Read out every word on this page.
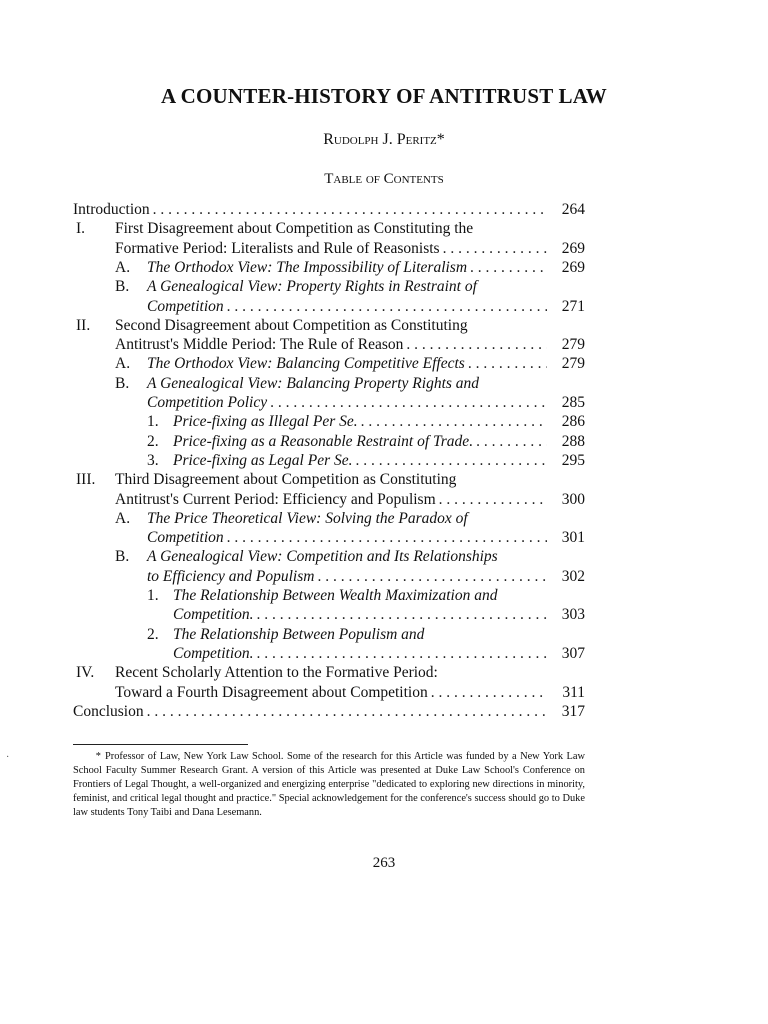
A COUNTER-HISTORY OF ANTITRUST LAW
Rudolph J. Peritz*
Table of Contents
Introduction . . .	264
I.	First Disagreement about Competition as Constituting the
Formative Period: Literalists and Rule of Reasonists . . .	269
A.	The Orthodox View: The Impossibility of Literalism . . .	269
B.	A Genealogical View: Property Rights in Restraint of
Competition . . .	271
II.	Second Disagreement about Competition as Constituting
Antitrust's Middle Period: The Rule of Reason . . .	279
A.	The Orthodox View: Balancing Competitive Effects . . .	279
B.	A Genealogical View: Balancing Property Rights and
Competition Policy . . .	285
1. Price-fixing as Illegal Per Se. . . .	286
2. Price-fixing as a Reasonable Restraint of Trade. . . .	288
3. Price-fixing as Legal Per Se. . . .	295
III.	Third Disagreement about Competition as Constituting
Antitrust's Current Period: Efficiency and Populism . . .	300
A.	The Price Theoretical View: Solving the Paradox of
Competition . . .	301
B.	A Genealogical View: Competition and Its Relationships
to Efficiency and Populism . . .	302
1. The Relationship Between Wealth Maximization and
Competition. . . .	303
2. The Relationship Between Populism and
Competition. . . .	307
IV.	Recent Scholarly Attention to the Formative Period:
Toward a Fourth Disagreement about Competition . . .	311
Conclusion . . .	317
* Professor of Law, New York Law School. Some of the research for this Article was funded by a New York Law School Faculty Summer Research Grant. A version of this Article was presented at Duke Law School's Conference on Frontiers of Legal Thought, a well-organized and energizing enterprise "dedicated to exploring new directions in minority, feminist, and critical legal thought and practice." Special acknowledgement for the conference's success should go to Duke law students Tony Taibi and Dana Lesemann.
263
·
